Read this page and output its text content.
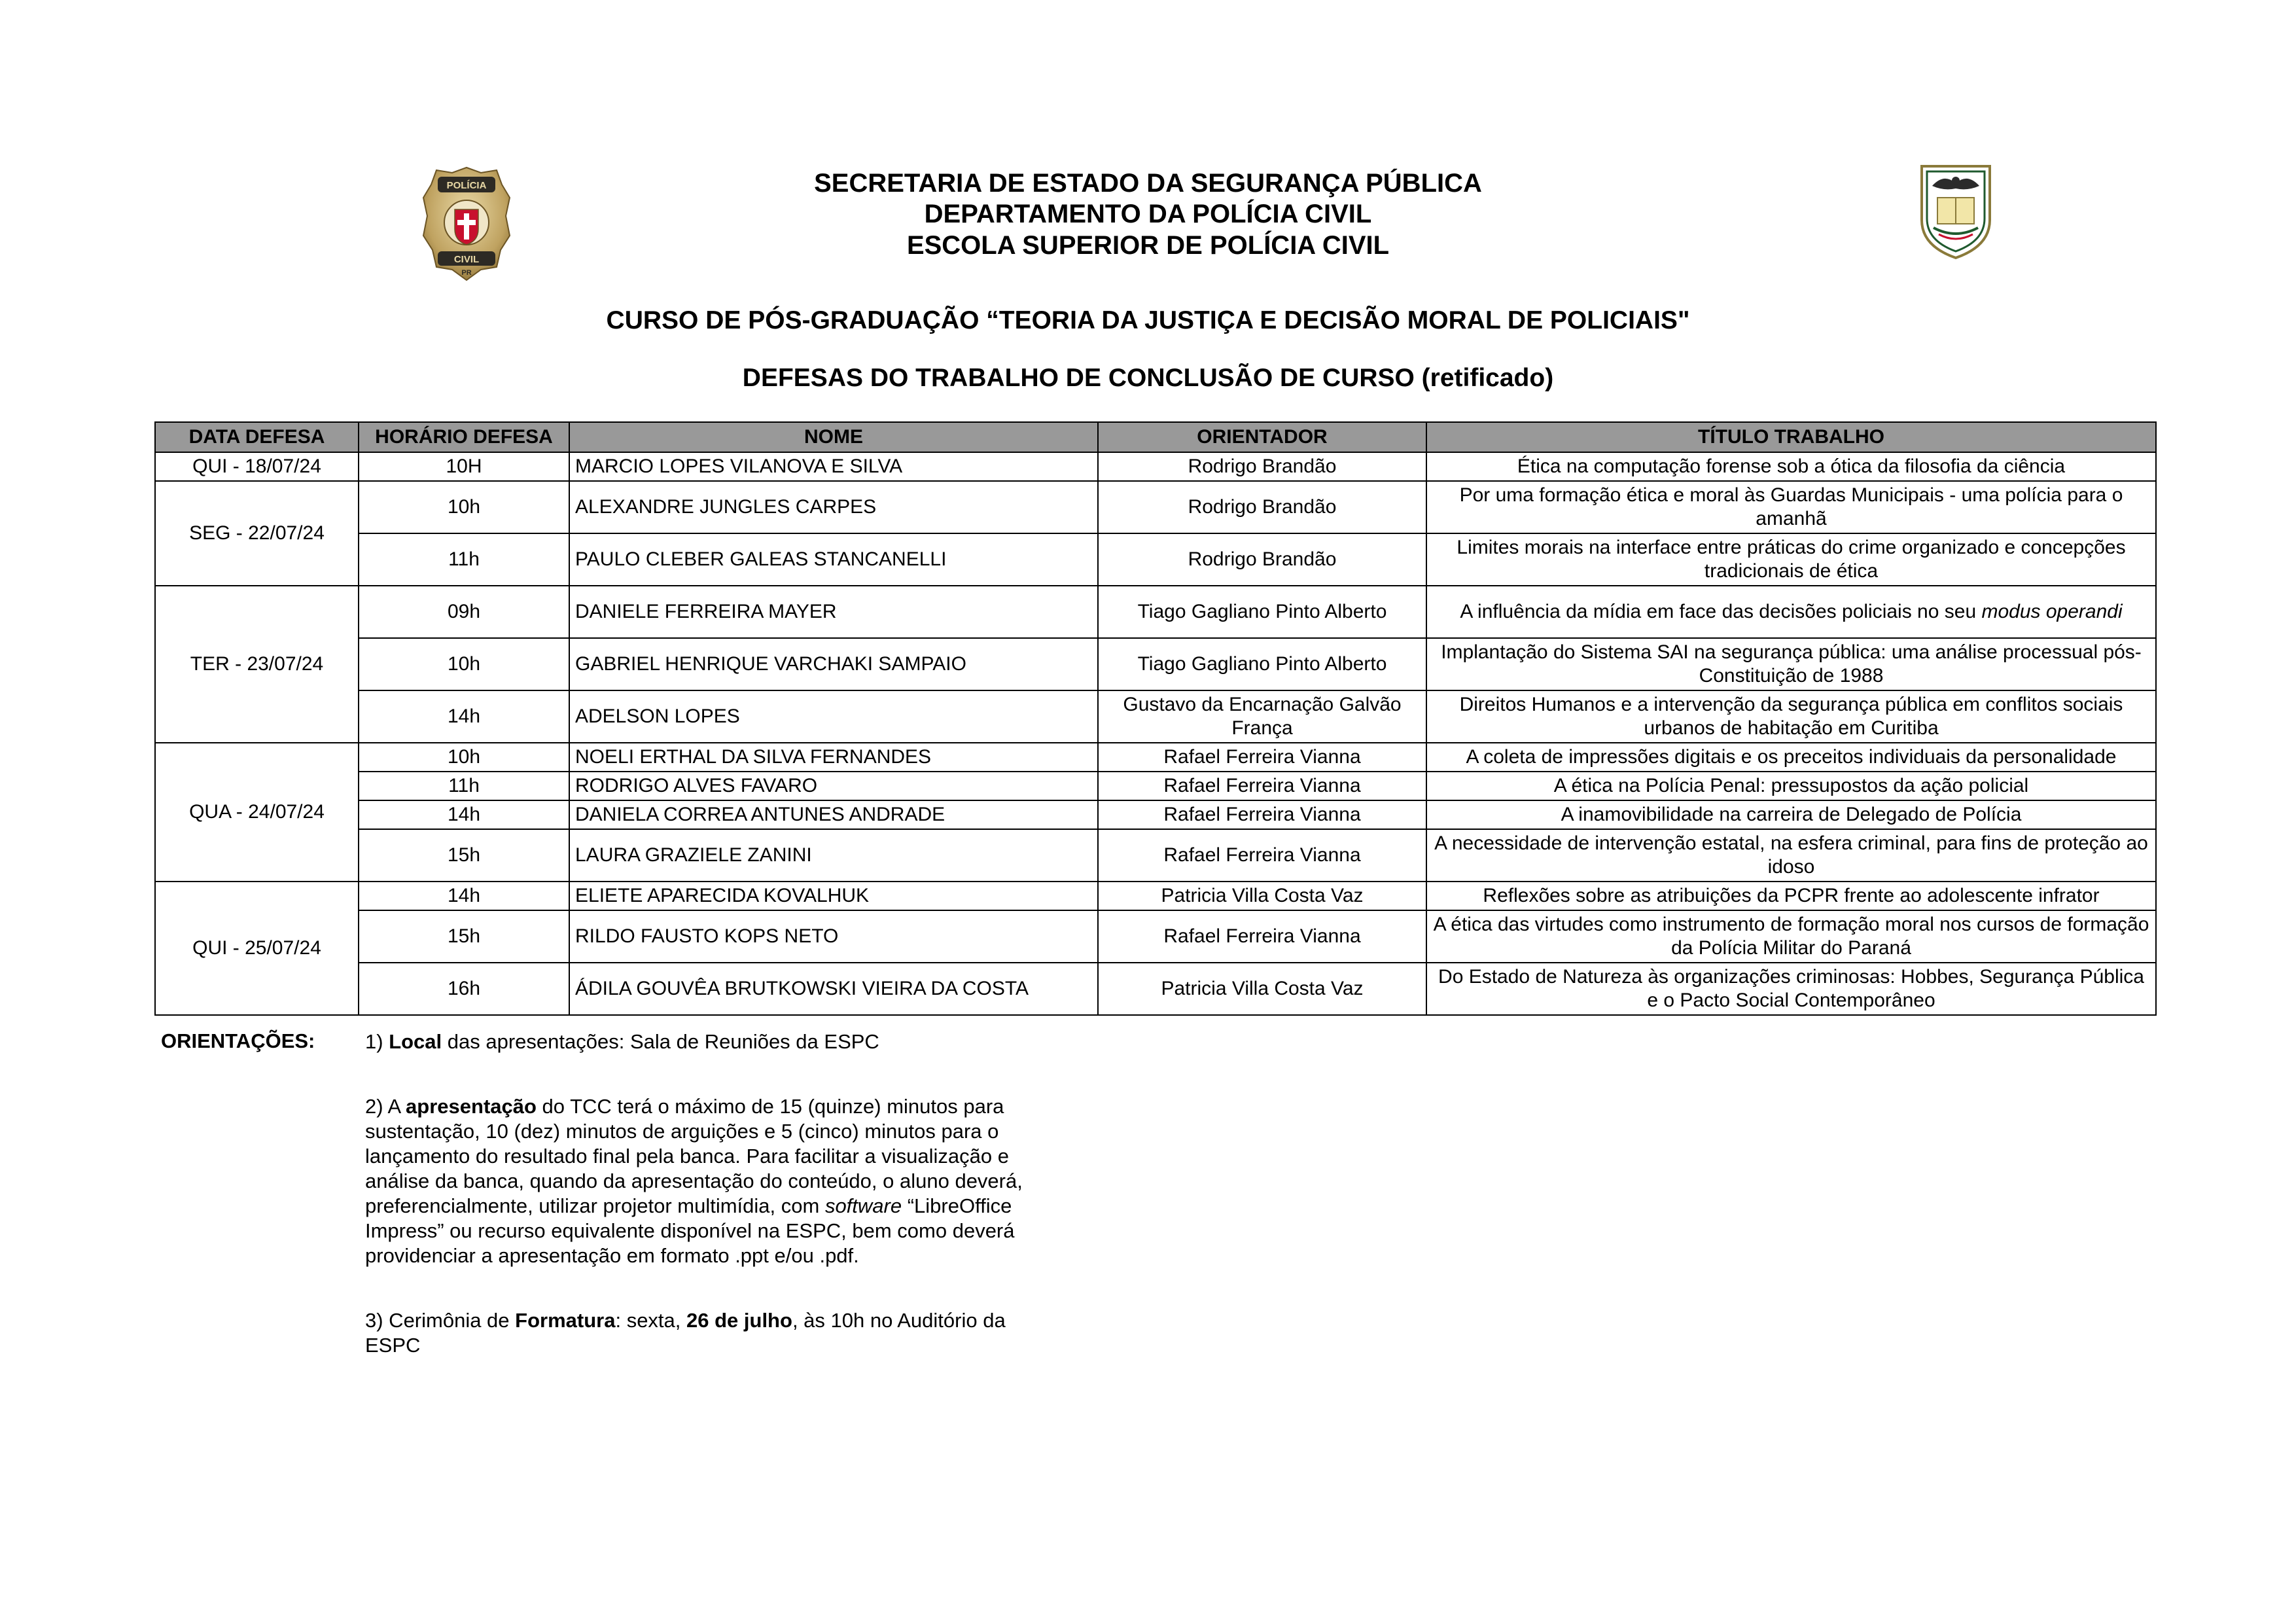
POLÍCIA
CIVIL
PR
SECRETARIA DE ESTADO DA SEGURANÇA PÚBLICA
DEPARTAMENTO DA POLÍCIA CIVIL
ESCOLA SUPERIOR DE POLÍCIA CIVIL
CURSO DE PÓS-GRADUAÇÃO “TEORIA DA JUSTIÇA E DECISÃO MORAL DE POLICIAIS"
DEFESAS DO TRABALHO DE CONCLUSÃO DE CURSO (retificado)
DATA DEFESA	HORÁRIO DEFESA	NOME	ORIENTADOR	TÍTULO TRABALHO
QUI - 18/07/24	10H	MARCIO LOPES VILANOVA E SILVA	Rodrigo Brandão	Ética na computação forense sob a ótica da filosofia da ciência
SEG - 22/07/24	10h	ALEXANDRE JUNGLES CARPES	Rodrigo Brandão	Por uma formação ética e moral às Guardas Municipais - uma polícia para o amanhã
	11h	PAULO CLEBER GALEAS STANCANELLI	Rodrigo Brandão	Limites morais na interface entre práticas do crime organizado e concepções tradicionais de ética
TER - 23/07/24	09h	DANIELE FERREIRA MAYER	Tiago Gagliano Pinto Alberto	A influência da mídia em face das decisões policiais no seu modus operandi
	10h	GABRIEL HENRIQUE VARCHAKI SAMPAIO	Tiago Gagliano Pinto Alberto	Implantação do Sistema SAI na segurança pública: uma análise processual pós-Constituição de 1988
	14h	ADELSON LOPES	Gustavo da Encarnação Galvão França	Direitos Humanos e a intervenção da segurança pública em conflitos sociais urbanos de habitação em Curitiba
QUA - 24/07/24	10h	NOELI ERTHAL DA SILVA FERNANDES	Rafael Ferreira Vianna	A coleta de impressões digitais e os preceitos individuais da personalidade
	11h	RODRIGO ALVES FAVARO	Rafael Ferreira Vianna	A ética na Polícia Penal: pressupostos da ação policial
	14h	DANIELA CORREA ANTUNES ANDRADE	Rafael Ferreira Vianna	A inamovibilidade na carreira de Delegado de Polícia
	15h	LAURA GRAZIELE ZANINI	Rafael Ferreira Vianna	A necessidade de intervenção estatal, na esfera criminal, para fins de proteção ao idoso
QUI - 25/07/24	14h	ELIETE APARECIDA KOVALHUK	Patricia Villa Costa Vaz	Reflexões sobre as atribuições da PCPR frente ao adolescente infrator
	15h	RILDO FAUSTO KOPS NETO	Rafael Ferreira Vianna	A ética das virtudes como instrumento de formação moral nos cursos de formação da Polícia Militar do Paraná
	16h	ÁDILA GOUVÊA BRUTKOWSKI VIEIRA DA COSTA	Patricia Villa Costa Vaz	Do Estado de Natureza às organizações criminosas: Hobbes, Segurança Pública e o Pacto Social Contemporâneo
ORIENTAÇÕES: 1) Local das apresentações: Sala de Reuniões da ESPC
2) A apresentação do TCC terá o máximo de 15 (quinze) minutos para sustentação, 10 (dez) minutos de arguições e 5 (cinco) minutos para o lançamento do resultado final pela banca. Para facilitar a visualização e análise da banca, quando da apresentação do conteúdo, o aluno deverá, preferencialmente, utilizar projetor multimídia, com software “LibreOffice Impress” ou recurso equivalente disponível na ESPC, bem como deverá providenciar a apresentação em formato .ppt e/ou .pdf.
3) Cerimônia de Formatura: sexta, 26 de julho, às 10h no Auditório da ESPC
